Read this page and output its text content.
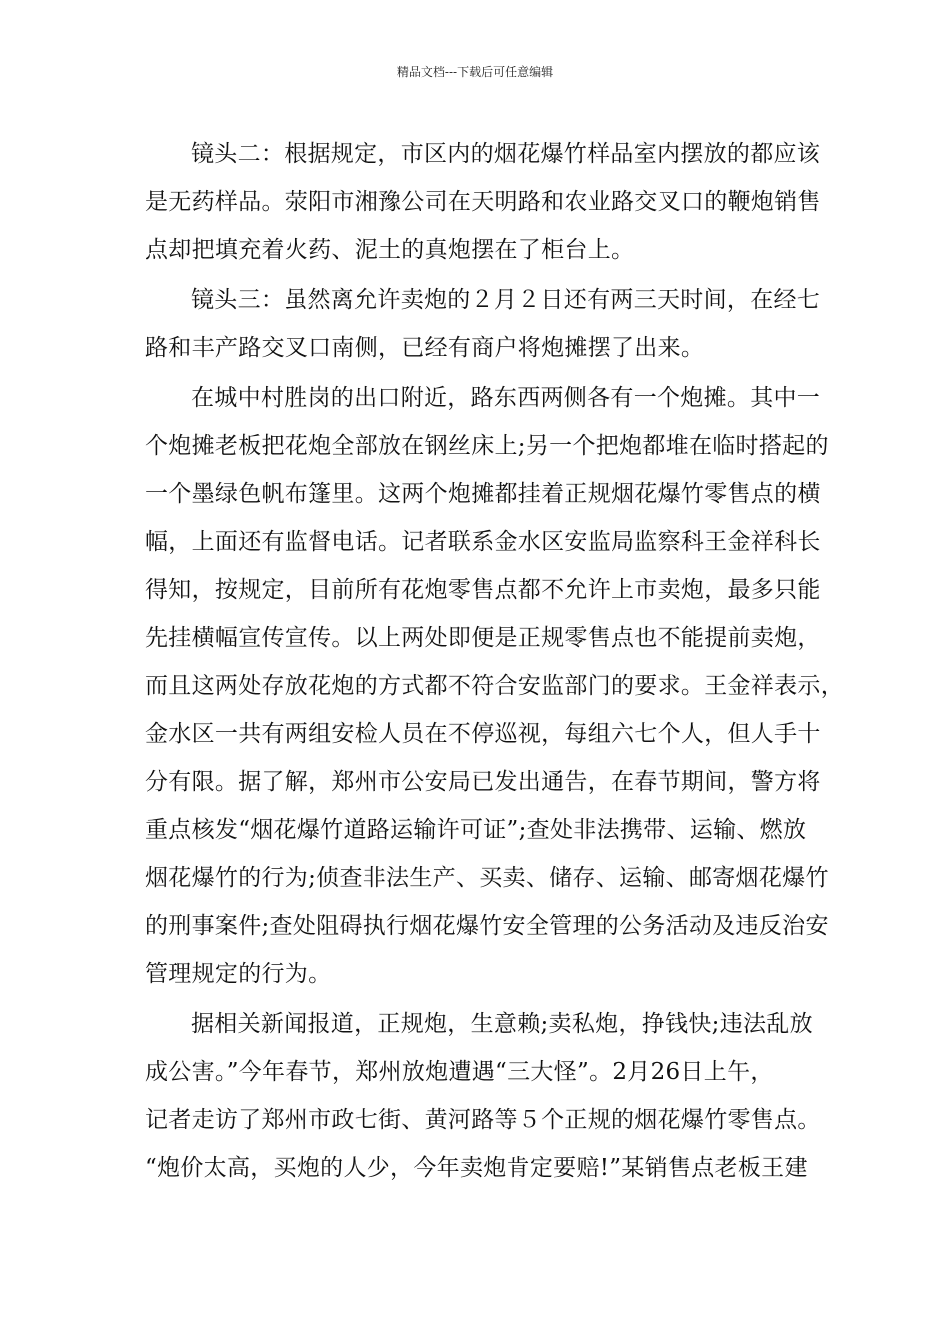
精品文档---下载后可任意编辑
镜头二：根据规定，市区内的烟花爆竹样品室内摆放的都应该
是无药样品。荥阳市湘豫公司在天明路和农业路交叉口的鞭炮销售
点却把填充着火药、泥土的真炮摆在了柜台上。
镜头三：虽然离允许卖炮的２月２日还有两三天时间，在经七
路和丰产路交叉口南侧，已经有商户将炮摊摆了出来。
在城中村胜岗的出口附近，路东西两侧各有一个炮摊。其中一
个炮摊老板把花炮全部放在钢丝床上;另一个把炮都堆在临时搭起的
一个墨绿色帆布篷里。这两个炮摊都挂着正规烟花爆竹零售点的横
幅，上面还有监督电话。记者联系金水区安监局监察科王金祥科长
得知，按规定，目前所有花炮零售点都不允许上市卖炮，最多只能
先挂横幅宣传宣传。以上两处即便是正规零售点也不能提前卖炮，
而且这两处存放花炮的方式都不符合安监部门的要求。王金祥表示，
金水区一共有两组安检人员在不停巡视，每组六七个人，但人手十
分有限。据了解，郑州市公安局已发出通告，在春节期间，警方将
重点核发“烟花爆竹道路运输许可证”;查处非法携带、运输、燃放
烟花爆竹的行为;侦查非法生产、买卖、储存、运输、邮寄烟花爆竹
的刑事案件;查处阻碍执行烟花爆竹安全管理的公务活动及违反治安
管理规定的行为。
据相关新闻报道，正规炮，生意赖;卖私炮，挣钱快;违法乱放
成公害。”今年春节，郑州放炮遭遇“三大怪”。2月26日上午，
记者走访了郑州市政七街、黄河路等５个正规的烟花爆竹零售点。
“炮价太高，买炮的人少，今年卖炮肯定要赔!”某销售点老板王建
